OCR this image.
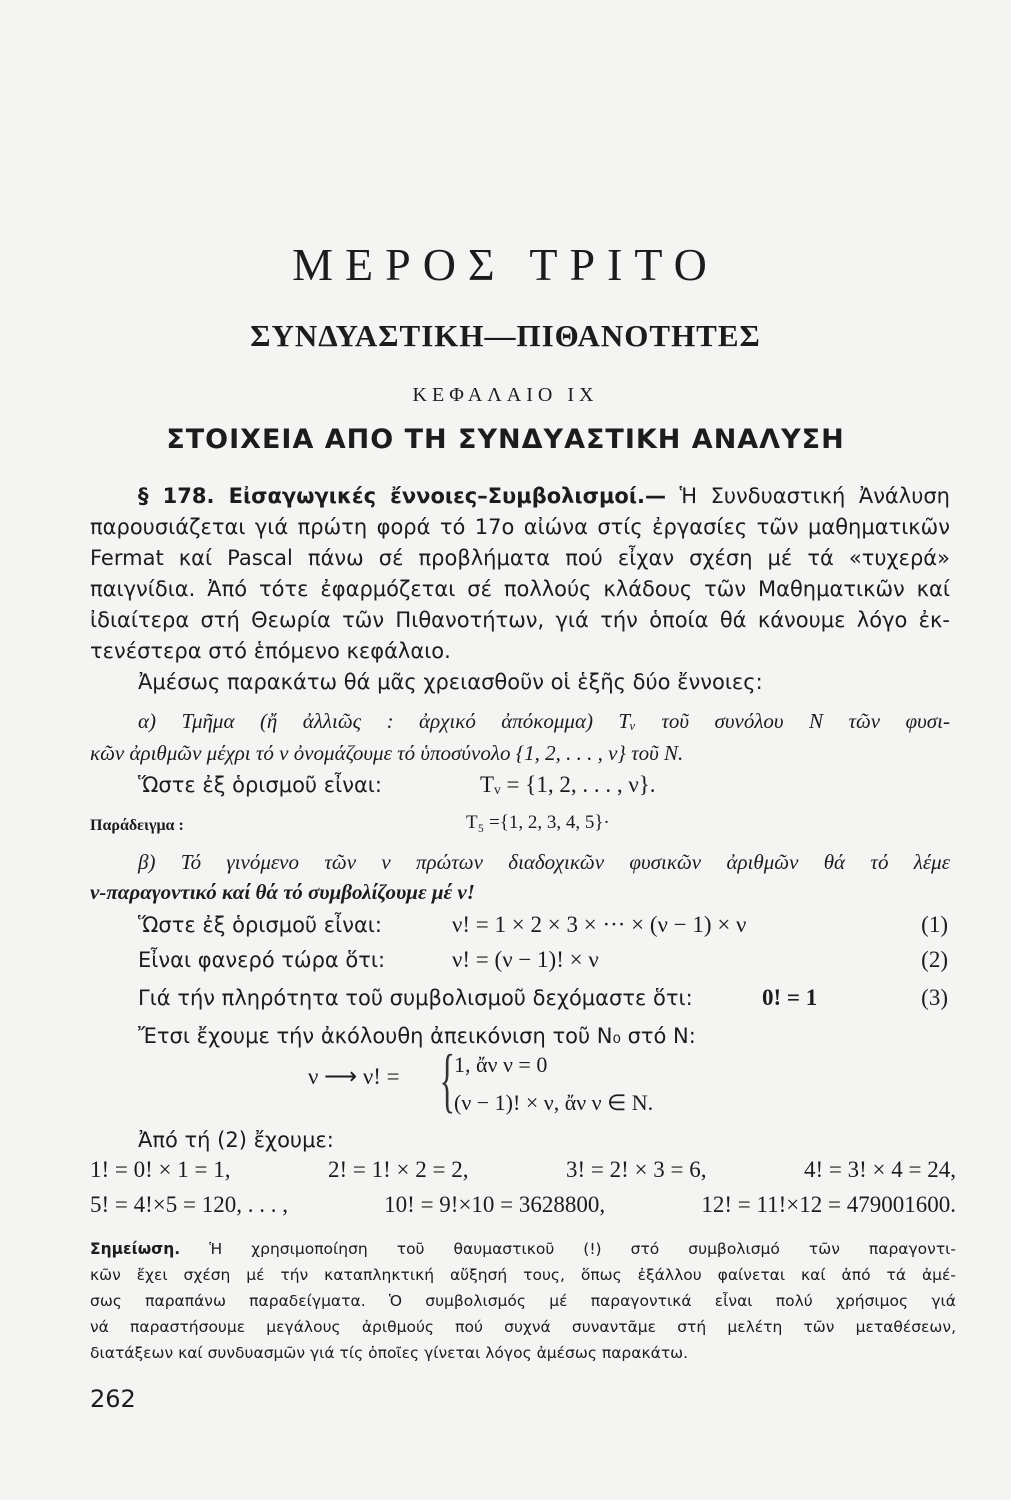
ΜΕΡΟΣ ΤΡΙΤΟ
ΣΥΝΔΥΑΣΤΙΚΗ—ΠΙΘΑΝΟΤΗΤΕΣ
ΚΕΦΑΛΑΙΟ IX
ΣΤΟΙΧΕΙΑ ΑΠΟ ΤΗ ΣΥΝΔΥΑΣΤΙΚΗ ΑΝΑΛΥΣΗ
§ 178. Εἰσαγωγικές ἔννοιες–Συμβολισμοί.— Ἡ Συνδυαστική Ἀνάλυση
παρουσιάζεται γιά πρώτη φορά τό 17ο αἰώνα στίς ἐργασίες τῶν μαθηματικῶν
Fermat καί Pascal πάνω σέ προβλήματα πού εἶχαν σχέση μέ τά «τυχερά»
παιγνίδια. Ἀπό τότε ἐφαρμόζεται σέ πολλούς κλάδους τῶν Μαθηματικῶν καί
ἰδιαίτερα στή Θεωρία τῶν Πιθανοτήτων, γιά τήν ὁποία θά κάνουμε λόγο ἐκ-
τενέστερα στό ἑπόμενο κεφάλαιο.
Ἀμέσως παρακάτω θά μᾶς χρειασθοῦν οἱ ἑξῆς δύο ἔννοιες:
α) Τμῆμα (ἤ ἀλλιῶς : ἀρχικό ἀπόκομμα) Tᵥ τοῦ συνόλου N τῶν φυσι-
κῶν ἀριθμῶν μέχρι τό ν ὀνομάζουμε τό ὑποσύνολο {1, 2, . . . , ν} τοῦ N.
Ὥστε ἐξ ὁρισμοῦ εἶναι:	Tᵥ = {1, 2, . . . , ν}.
Παράδειγμα :	T₅ ={1, 2, 3, 4, 5}·
β) Τό γινόμενο τῶν ν πρώτων διαδοχικῶν φυσικῶν ἀριθμῶν θά τό λέμε
ν-παραγοντικό καί θά τό συμβολίζουμε μέ ν!
Ὥστε ἐξ ὁρισμοῦ εἶναι:	ν! = 1 × 2 × 3 × ··· × (ν − 1) × ν	(1)
Εἶναι φανερό τώρα ὅτι:	ν! = (ν − 1)! × ν	(2)
Γιά τήν πληρότητα τοῦ συμβολισμοῦ δεχόμαστε ὅτι:	0! = 1	(3)
Ἔτσι ἔχουμε τήν ἀκόλουθη ἀπεικόνιση τοῦ N₀ στό N:
ν ⟶ ν! = {
1, ἄν ν = 0
(ν − 1)! × ν, ἄν ν ∈ N.
Ἀπό τή (2) ἔχουμε:
1! = 0! × 1 = 1,	2! = 1! × 2 = 2,	3! = 2! × 3 = 6,	4! = 3! × 4 = 24,
5! = 4!×5 = 120, . . . ,	10! = 9!×10 = 3628800,	12! = 11!×12 = 479001600.
Σημείωση. Ἡ χρησιμοποίηση τοῦ θαυμαστικοῦ (!) στό συμβολισμό τῶν παραγοντι-
κῶν ἔχει σχέση μέ τήν καταπληκτική αὔξησή τους, ὅπως ἐξάλλου φαίνεται καί ἀπό τά ἀμέ-
σως παραπάνω παραδείγματα. Ὁ συμβολισμός μέ παραγοντικά εἶναι πολύ χρήσιμος γιά
νά παραστήσουμε μεγάλους ἀριθμούς πού συχνά συναντᾶμε στή μελέτη τῶν μεταθέσεων,
διατάξεων καί συνδυασμῶν γιά τίς ὁποῖες γίνεται λόγος ἀμέσως παρακάτω.
262
